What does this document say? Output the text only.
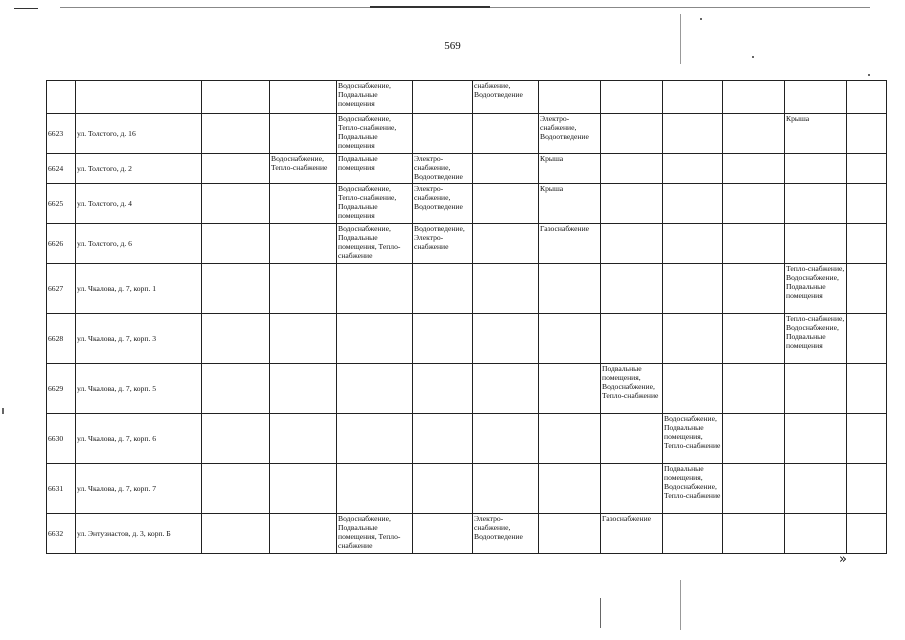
569
				Водоснабжение, Подвальные помещения		снабжение, Водоотведение						
6623	ул. Толстого, д. 16			Водоснабжение, Тепло-снабжение, Подвальные помещения			Электро-снабжение, Водоотведение				Крыша	
6624	ул. Толстого, д. 2		Водоснабжение, Тепло-снабжение	Подвальные помещения	Электро-снабжение, Водоотведение		Крыша					
6625	ул. Толстого, д. 4			Водоснабжение, Тепло-снабжение, Подвальные помещения	Электро-снабжение, Водоотведение		Крыша					
6626	ул. Толстого, д. 6			Водоснабжение, Подвальные помещения, Тепло-снабжение	Водоотведение, Электро-снабжение		Газоснабжение					
6627	ул. Чкалова, д. 7, корп. 1										Тепло-снабжение, Водоснабжение, Подвальные помещения	
6628	ул. Чкалова, д. 7, корп. 3										Тепло-снабжение, Водоснабжение, Подвальные помещения	
6629	ул. Чкалова, д. 7, корп. 5							Подвальные помещения, Водоснабжение, Тепло-снабжение				
6630	ул. Чкалова, д. 7, корп. 6								Водоснабжение, Подвальные помещения, Тепло-снабжение			
6631	ул. Чкалова, д. 7, корп. 7								Подвальные помещения, Водоснабжение, Тепло-снабжение			
6632	ул. Энтузиастов, д. 3, корп. Б			Водоснабжение, Подвальные помещения, Тепло-снабжение		Электро-снабжение, Водоотведение		Газоснабжение				
»
